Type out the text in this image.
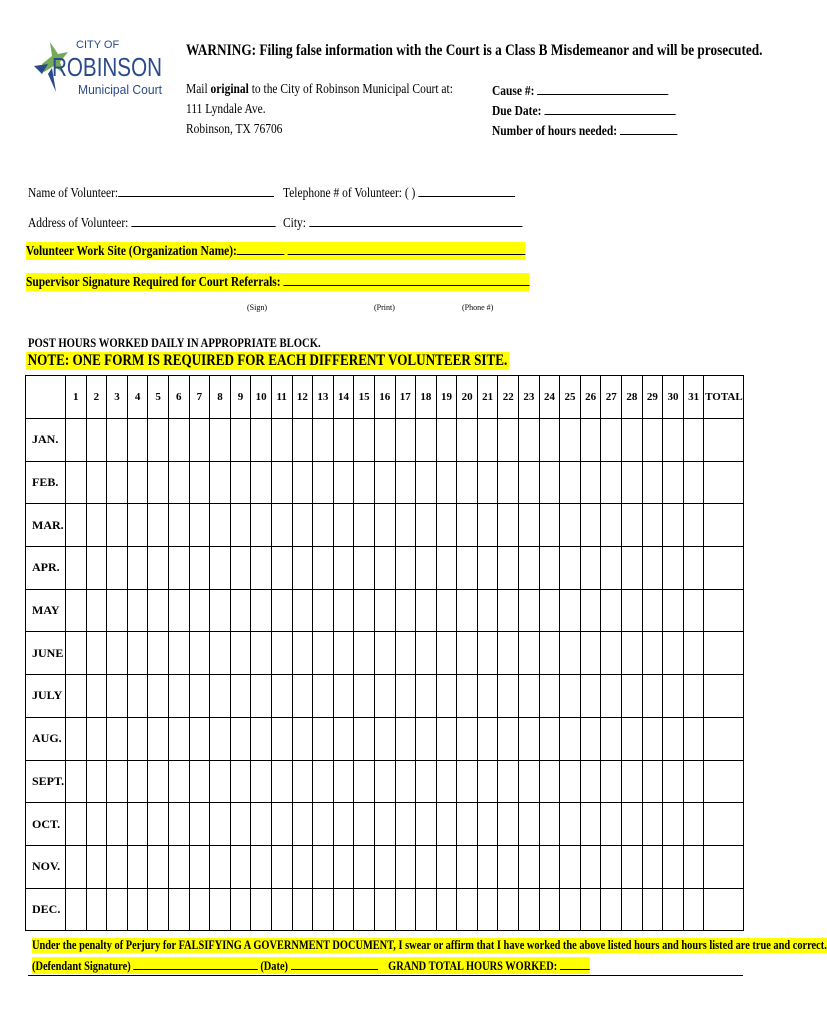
CITY OF
ROBINSON
Municipal Court
WARNING: Filing false information with the Court is a Class B Misdemeanor and will be prosecuted.
Mail original to the City of Robinson Municipal Court at:
111 Lyndale Ave.
Robinson, TX 76706
Cause #:
Due Date:
Number of hours needed:
Name of Volunteer:	Telephone # of Volunteer: ( )
Address of Volunteer:	City:
Volunteer Work Site (Organization Name):
Supervisor Signature Required for Court Referrals:
(Sign)	(Print)	(Phone #)
POST HOURS WORKED DAILY IN APPROPRIATE BLOCK.
NOTE: ONE FORM IS REQUIRED FOR EACH DIFFERENT VOLUNTEER SITE.
	1	2	3	4	5	6	7	8	9	10	11	12	13	14	15	16	17	18	19	20	21	22	23	24	25	26	27	28	29	30	31	TOTAL
JAN.																																
FEB.																																
MAR.																																
APR.																																
MAY																																
JUNE																																
JULY																																
AUG.																																
SEPT.																																
OCT.																																
NOV.																																
DEC.																																
Under the penalty of Perjury for FALSIFYING A GOVERNMENT DOCUMENT, I swear or affirm that I have worked the above listed hours and hours listed are true and correct.
(Defendant Signature)	(Date)	GRAND TOTAL HOURS WORKED:
